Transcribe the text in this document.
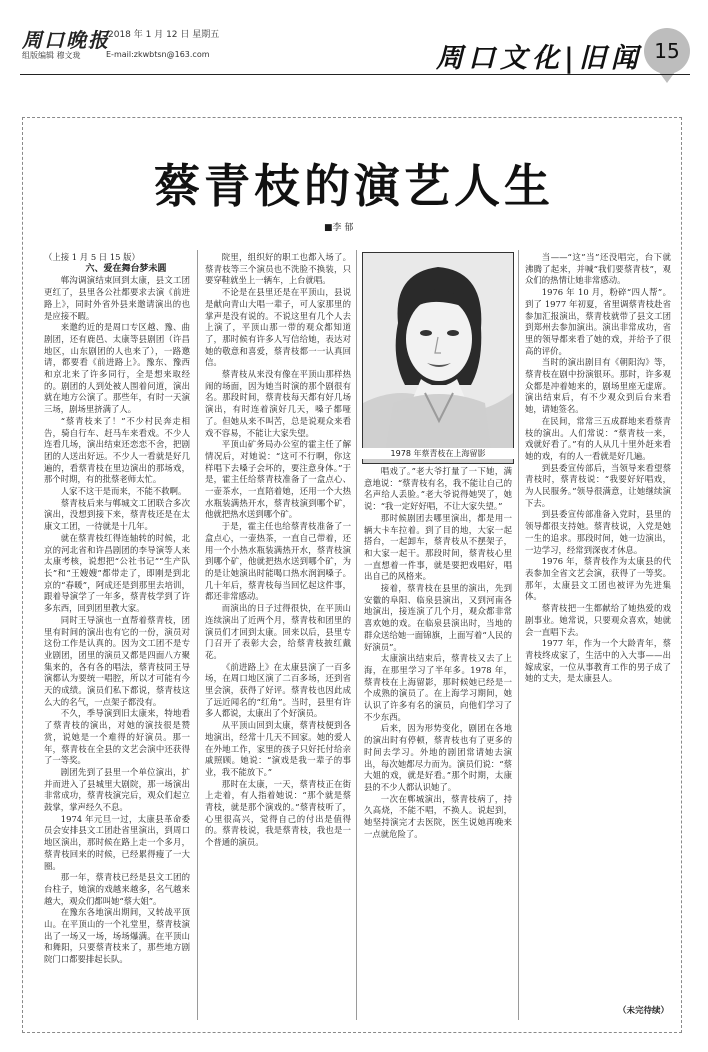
周口晚报
2018 年 1 月 12 日 星期五
组版编辑 穆文珑	E-mail:zkwbtsn@163.com	周口文化|旧闻 15
蔡青枝的演艺人生
■李 郁

（上接 1 月 5 日 15 版）

六、爱在舞台梦未圆

郸沟调演结束回到太康，县文工团更红了，县里各公社都要求去演《前进路上》，同时外省外县来邀请演出的也是应接不暇。

来邀约近的是周口专区越、豫、曲剧团，还有鹿邑、太康等县剧团（许昌地区，山东剧团的人也来了），一路邀请，都要看《前进路上》。豫东、豫西和京北来了许多同行，全是想来取经的。剧团的人到处被人围着问道，演出就在地方公演了。那些年，有时一天演三场，剧场里挤满了人。

“蔡青枝来了！”不少村民奔走相告，骑自行车、赶马车来看戏。不少人连看几场，演出结束还恋恋不舍，把剧团的人送出好远。不少人一看就是好几遍的，看蔡青枝在里边演出的那场戏，那个时期，有的批蔡老师太忙。

人家不这干是而来，不能不救啊。

蔡青枝后来与郸城文工团联合多次演出，没想到接下来，蔡青枝还是在太康文工团，一待就是十几年。

就在蔡青枝红得连轴转的时候，北京的河北省和许昌剧团的李导演等人来太康考核，说想把“公社书记”“生产队长”和“王嫂嫂”都带走了，即刚是到北京的“春暖”，阿成还是到那里去培训，跟着导演学了一年多，蔡青枝学到了许多东西，回到团里教大家。

同时王导演也一直帮着蔡青枝，团里有时间的演出也有它的一份，演员对这份工作是认真的。因为文工团不是专业剧团，团里的演员又都是四面八方聚集来的，各有各的唱法，蔡青枝同王导演都认为要统一唱腔，所以才可能有今天的成绩。演员们私下都说，蔡青枝这么大的名气，一点架子都没有。

不久，季导演到旧太康来，特地看了蔡青枝的演出，对她的演技很是赞赏，说她是一个难得的好演员。那一年，蔡青枝在全县的文艺会演中还获得了一等奖。

剧团先到了县里一个单位演出，扩并而进入了县城里大剧院，那一场演出非常成功，蔡青枝演完后，观众们起立鼓掌，掌声经久不息。

1974 年元旦一过，太康县革命委员会安排县文工团赴省里演出，到周口地区演出，那时候在路上走一个多月，蔡青枝回来的时候，已经累得瘦了一大圈。

那一年，蔡青枝已经是县文工团的台柱子，她演的戏越来越多，名气越来越大，观众们都叫她“蔡大姐”。

在豫东各地演出期间，又转战平顶山。在平顶山的一个礼堂里，蔡青枝演出了一场又一场，场场爆满。在平顶山和舞阳，只要蔡青枝来了，那些地方剧院门口都要排起长队。

院里，组织好的职工也都入场了。蔡青枝等三个演员也不洗脸不换装，只要穿鞋就坐上一辆车，上台就唱。

不论是在县里还是在平顶山，县说是献向青山大唱一辈子，可人家那里的掌声是没有说的。不说这里有几个人去上演了，平顶山那一带的观众都知道了，那时候有许多人写信给她，表达对她的敬意和喜爱，蔡青枝都一一认真回信。

蔡青枝从来没有像在平顶山那样热闹的场面，因为她当时演的那个剧很有名。那段时间，蔡青枝每天都有好几场演出，有时连着演好几天，嗓子都哑了。但她从来不叫苦，总是说观众来看戏不容易，不能让大家失望。

平顶山矿务局办公室的霍主任了解情况后，对她说：“这可不行啊，你这样唱下去嗓子会坏的，要注意身体。”于是，霍主任给蔡青枝准备了一盒点心、一壶茶水，一直陪着她，还用一个大热水瓶装满热开水，蔡青枝演到哪个矿，他就把热水送到哪个矿。

于是，霍主任也给蔡青枝准备了一盒点心，一壶热茶，一直自己带着，还用一个小热水瓶装满热开水，蔡青枝演到哪个矿，他就把热水送到哪个矿，为的是让她演出时能喝口热水润润嗓子。几十年后，蔡青枝每当回忆起这件事，都还非常感动。

而演出的日子过得很快，在平顶山连续演出了近两个月，蔡青枝和团里的演员们才回到太康。回来以后，县里专门召开了表彰大会，给蔡青枝披红戴花。

《前进路上》在太康县演了一百多场，在周口地区演了二百多场，还到省里会演，获得了好评。蔡青枝也因此成了远近闻名的“红角”。当时，县里有许多人都说，太康出了个好演员。

从平顶山回到太康，蔡青枝便到各地演出，经常十几天不回家。她的爱人在外地工作，家里的孩子只好托付给亲戚照顾。她说：“演戏是我一辈子的事业，我不能放下。”

那时在太康，一天，蔡青枝正在街上走着，有人指着她说：“那个就是蔡青枝，就是那个演戏的。”蔡青枝听了，心里很高兴，觉得自己的付出是值得的。蔡青枝说，我是蔡青枝，我也是一个普通的演员。

1978 年蔡青枝在上海留影

唱戏了。”老大爷打量了一下她，满意地说：“蔡青枝有名，我不能让自己的名声给人丢脸。”老大爷说得她哭了，她说：“我一定好好唱，不让大家失望。”

那时候剧团去哪里演出，都是用一辆大卡车拉着。到了目的地，大家一起搭台，一起卸车，蔡青枝从不摆架子，和大家一起干。那段时间，蔡青枝心里一直想着一件事，就是要把戏唱好，唱出自己的风格来。

接着，蔡青枝在县里的演出，先到安徽的阜阳、临泉县演出，又到河南各地演出，接连演了几个月，观众都非常喜欢她的戏。在临泉县演出时，当地的群众送给她一面锦旗，上面写着“人民的好演员”。

太康演出结束后，蔡青枝又去了上海，在那里学习了半年多。1978 年，蔡青枝在上海留影，那时候她已经是一个成熟的演员了。在上海学习期间，她认识了许多有名的演员，向他们学习了不少东西。

后来，因为形势变化，剧团在各地的演出时有停顿，蔡青枝也有了更多的时间去学习。外地的剧团常请她去演出，每次她都尽力而为。演员们说：“蔡大姐的戏，就是好看。”那个时期，太康县的不少人都认识她了。

一次在郸城演出，蔡青枝病了，持久高烧，不能不唱，不换人。说起到，她坚持演完才去医院，医生说她再晚来一点就危险了。

当——“这”当”还没唱完，台下就沸腾了起来，并喊“我们要蔡青枝”，观众们的热情让她非常感动。

1976 年 10 月，粉碎“四人帮”。到了 1977 年初夏，省里调蔡青枝赴省参加汇报演出，蔡青枝就带了县文工团到郑州去参加演出。演出非常成功，省里的领导都来看了她的戏，并给予了很高的评价。

当时的演出剧目有《朝阳沟》等，蔡青枝在剧中扮演银环。那时，许多观众都是冲着她来的，剧场里座无虚席。演出结束后，有不少观众到后台来看她，请她签名。

在民间，常常三五成群地来看蔡青枝的演出。人们常说：“蔡青枝一来，戏就好看了。”有的人从几十里外赶来看她的戏，有的人一看就是好几遍。

到县委宣传部后，当领导来看望蔡青枝时，蔡青枝说：“我要好好唱戏，为人民服务。”领导很满意，让她继续演下去。

到县委宣传部准备入党时，县里的领导都很支持她。蔡青枝说，入党是她一生的追求。那段时间，她一边演出，一边学习，经常到深夜才休息。

1976 年，蔡青枝作为太康县的代表参加全省文艺会演，获得了一等奖。那年，太康县文工团也被评为先进集体。

蔡青枝把一生都献给了她热爱的戏剧事业。她常说，只要观众喜欢，她就会一直唱下去。

1977 年，作为一个大龄青年，蔡青枝终成家了，生活中的入大事——出嫁成家，一位从事教育工作的男子成了她的丈夫，是太康县人。

（未完待续）
